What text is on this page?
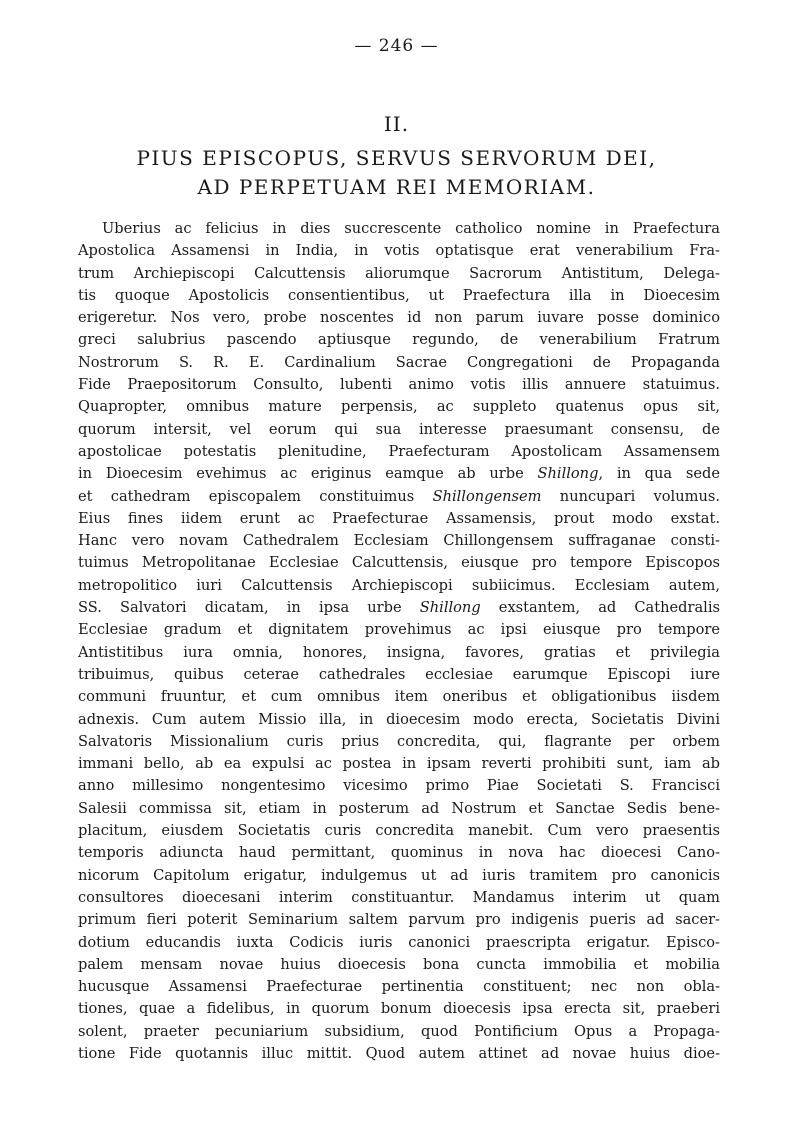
— 246 —
II.
PIUS EPISCOPUS, SERVUS SERVORUM DEI,
AD PERPETUAM REI MEMORIAM.
Uberius ac felicius in dies succrescente catholico nomine in Praefectura
Apostolica Assamensi in India, in votis optatisque erat venerabilium Fra-
trum Archiepiscopi Calcuttensis aliorumque Sacrorum Antistitum, Delega-
tis quoque Apostolicis consentientibus, ut Praefectura illa in Dioecesim
erigeretur. Nos vero, probe noscentes id non parum iuvare posse dominico
greci salubrius pascendo aptiusque regundo, de venerabilium Fratrum
Nostrorum S. R. E. Cardinalium Sacrae Congregationi de Propaganda
Fide Praepositorum Consulto, lubenti animo votis illis annuere statuimus.
Quapropter, omnibus mature perpensis, ac suppleto quatenus opus sit,
quorum intersit, vel eorum qui sua interesse praesumant consensu, de
apostolicae potestatis plenitudine, Praefecturam Apostolicam Assamensem
in Dioecesim evehimus ac eriginus eamque ab urbe Shillong, in qua sede
et cathedram episcopalem constituimus Shillongensem nuncupari volumus.
Eius fines iidem erunt ac Praefecturae Assamensis, prout modo exstat.
Hanc vero novam Cathedralem Ecclesiam Chillongensem suffraganae consti-
tuimus Metropolitanae Ecclesiae Calcuttensis, eiusque pro tempore Episcopos
metropolitico iuri Calcuttensis Archiepiscopi subiicimus. Ecclesiam autem,
SS. Salvatori dicatam, in ipsa urbe Shillong exstantem, ad Cathedralis
Ecclesiae gradum et dignitatem provehimus ac ipsi eiusque pro tempore
Antistitibus iura omnia, honores, insigna, favores, gratias et privilegia
tribuimus, quibus ceterae cathedrales ecclesiae earumque Episcopi iure
communi fruuntur, et cum omnibus item oneribus et obligationibus iisdem
adnexis. Cum autem Missio illa, in dioecesim modo erecta, Societatis Divini
Salvatoris Missionalium curis prius concredita, qui, flagrante per orbem
immani bello, ab ea expulsi ac postea in ipsam reverti prohibiti sunt, iam ab
anno millesimo nongentesimo vicesimo primo Piae Societati S. Francisci
Salesii commissa sit, etiam in posterum ad Nostrum et Sanctae Sedis bene-
placitum, eiusdem Societatis curis concredita manebit. Cum vero praesentis
temporis adiuncta haud permittant, quominus in nova hac dioecesi Cano-
nicorum Capitolum erigatur, indulgemus ut ad iuris tramitem pro canonicis
consultores dioecesani interim constituantur. Mandamus interim ut quam
primum fieri poterit Seminarium saltem parvum pro indigenis pueris ad sacer-
dotium educandis iuxta Codicis iuris canonici praescripta erigatur. Episco-
palem mensam novae huius dioecesis bona cuncta immobilia et mobilia
hucusque Assamensi Praefecturae pertinentia constituent; nec non obla-
tiones, quae a fidelibus, in quorum bonum dioecesis ipsa erecta sit, praeberi
solent, praeter pecuniarium subsidium, quod Pontificium Opus a Propaga-
tione Fide quotannis illuc mittit. Quod autem attinet ad novae huius dioe-
